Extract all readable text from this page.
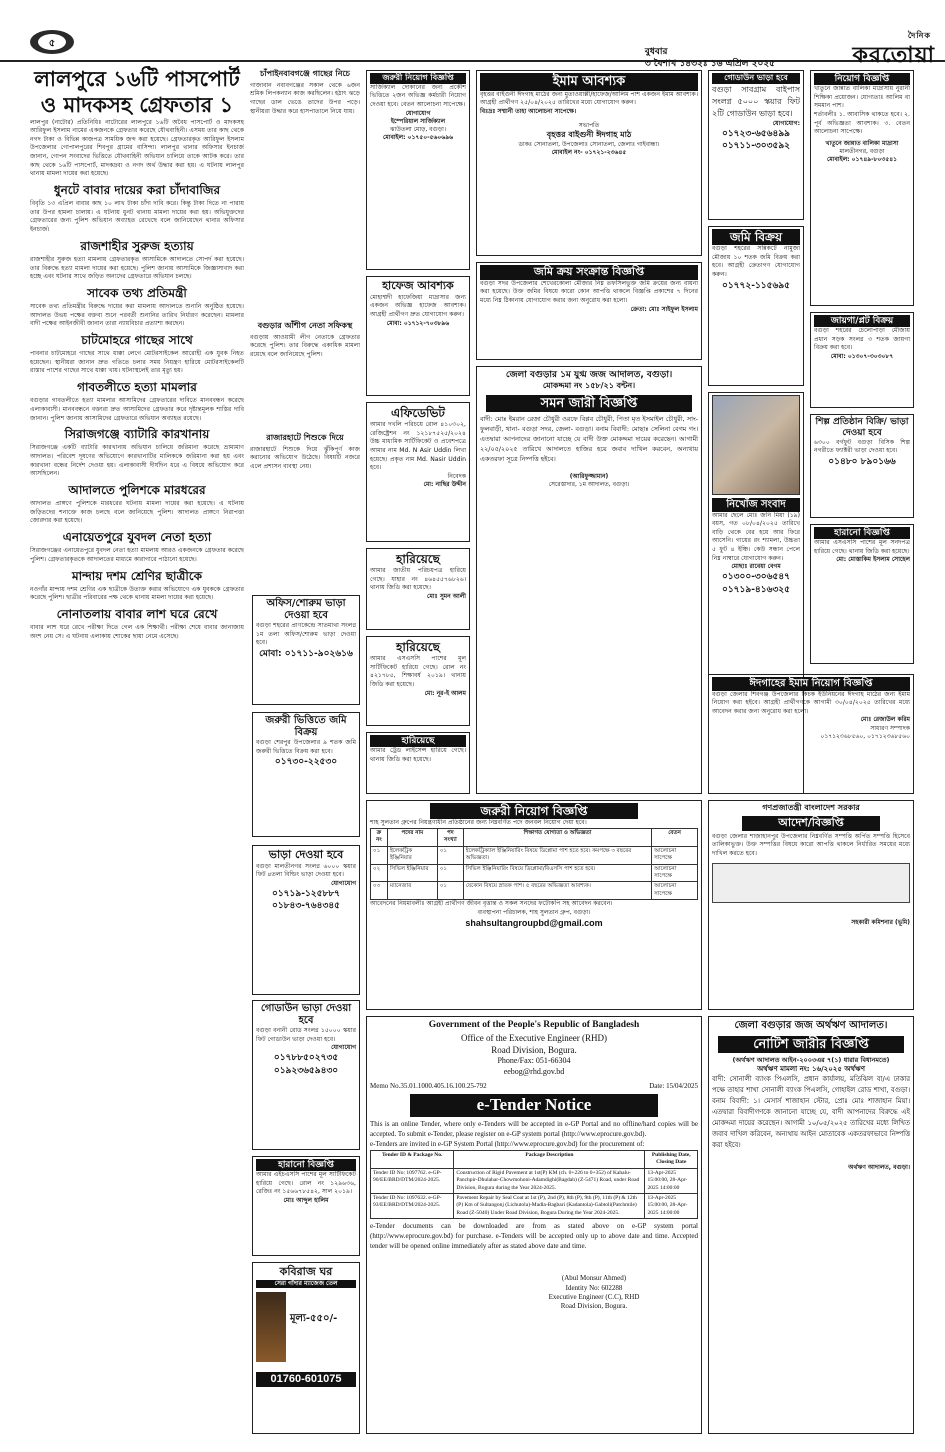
৫
বুধবার
৩ বৈশাখ ১৪৩২ঃ ১৬ এপ্রিল ২০২৫
দৈনিক
করতোয়া
লালপুরে ১৬টি পাসপোর্ট ও মাদকসহ গ্রেফতার ১

লালপুর (নাটোর) প্রতিনিধিঃ নাটোরের লালপুরে ১৬টি অবৈধ পাসপোর্ট ও মাদকসহ আরিফুল ইসলাম নামের একজনকে গ্রেফতার করেছে যৌথবাহিনী। এসময় তার কাছ থেকে নগদ টাকা ও বিভিন্ন কাজপত্র সাময়িক জব্দ করা হয়েছে। গ্রেফতারকৃত আরিফুল ইসলাম উপজেলার গোপালপুরের শিবপুর গ্রামের বাসিন্দা। লালপুর থানার অফিসার ইনচার্জ জানান, গোপন সংবাদের ভিত্তিতে যৌথবাহিনী অভিযান চালিয়ে তাকে আটক করে। তার কাছ থেকে ১৬টি পাসপোর্ট, মাদকদ্রব্য ও নগদ অর্থ উদ্ধার করা হয়। এ ঘটনায় লালপুর থানায় মামলা দায়ের করা হয়েছে।

ধুনটে বাবার দায়ের করা চাঁদাবাজির

বিবৃতি ১৩ এপ্রিল বাবার কাছ ১০ লাখ টাকা চাঁদা দাবি করে। কিন্তু টাকা দিতে না পারায় তার উপর হামলা চালায়। এ ঘটনায় ধুনট থানায় মামলা দায়ের করা হয়। অভিযুক্তদের গ্রেফতারের জন্য পুলিশ অভিযান অব্যাহত রেখেছে বলে জানিয়েছেন থানার অফিসার ইনচার্জ।

রাজশাহীর সুরুজ হত্যায়

রাজশাহীর সুরুজ হত্যা মামলায় গ্রেফতারকৃত আসামিকে আদালতে সোপর্দ করা হয়েছে। তার বিরুদ্ধে হত্যা মামলা দায়ের করা হয়েছে। পুলিশ জানায় আসামিকে জিজ্ঞাসাবাদ করা হচ্ছে এবং ঘটনার সাথে জড়িত অন্যদের গ্রেফতারে অভিযান চলছে।

সাবেক তথ্য প্রতিমন্ত্রী

সাবেক তথ্য প্রতিমন্ত্রীর বিরুদ্ধে দায়ের করা মামলায় আদালতে শুনানি অনুষ্ঠিত হয়েছে। আদালত উভয় পক্ষের বক্তব্য শুনে পরবর্তী শুনানির তারিখ নির্ধারণ করেছেন। মামলার বাদী পক্ষের আইনজীবী জানান তারা ন্যায়বিচার প্রত্যাশা করছেন।

চাটমোহরে গাছের সাথে

পাবনার চাটমোহরে গাছের সাথে ধাক্কা লেগে মোটরসাইকেল আরোহী এক যুবক নিহত হয়েছেন। স্থানীয়রা জানান দ্রুত গতিতে চলার সময় নিয়ন্ত্রণ হারিয়ে মোটরসাইকেলটি রাস্তার পাশের গাছের সাথে ধাক্কা খায়। ঘটনাস্থলেই তার মৃত্যু হয়।

গাবতলীতে হত্যা মামলার

বগুড়ার গাবতলীতে হত্যা মামলার আসামিদের গ্রেফতারের দাবিতে মানববন্ধন করেছে এলাকাবাসী। মানববন্ধনে বক্তারা দ্রুত আসামিদের গ্রেফতার করে দৃষ্টান্তমূলক শাস্তির দাবি জানান। পুলিশ জানায় আসামিদের গ্রেফতারে অভিযান অব্যাহত রয়েছে।

সিরাজগঞ্জে ব্যাটারি কারখানায়

সিরাজগঞ্জে একটি ব্যাটারি কারখানায় অভিযান চালিয়ে জরিমানা করেছে ভ্রাম্যমাণ আদালত। পরিবেশ দূষণের অভিযোগে কারখানাটির মালিককে জরিমানা করা হয় এবং কারখানা বন্ধের নির্দেশ দেওয়া হয়। এলাকাবাসী দীর্ঘদিন ধরে এ বিষয়ে অভিযোগ করে আসছিলেন।

আদালতে পুলিশকে মারধরের

আদালত প্রাঙ্গণে পুলিশকে মারধরের ঘটনায় মামলা দায়ের করা হয়েছে। এ ঘটনায় জড়িতদের শনাক্তে কাজ চলছে বলে জানিয়েছে পুলিশ। আদালত প্রাঙ্গণে নিরাপত্তা জোরদার করা হয়েছে।

এনায়েতপুরে যুবদল নেতা হত্যা

সিরাজগঞ্জের এনায়েতপুরে যুবদল নেতা হত্যা মামলায় আরও একজনকে গ্রেফতার করেছে পুলিশ। গ্রেফতারকৃতকে আদালতের মাধ্যমে কারাগারে পাঠানো হয়েছে।

মান্দায় দশম শ্রেণির ছাত্রীকে

নওগাঁর মান্দায় দশম শ্রেণির এক ছাত্রীকে উত্যক্ত করার অভিযোগে এক যুবককে গ্রেফতার করেছে পুলিশ। ছাত্রীর পরিবারের পক্ষ থেকে থানায় মামলা দায়ের করা হয়েছে।

নোনাতলায় বাবার লাশ ঘরে রেখে

বাবার লাশ ঘরে রেখে পরীক্ষা দিতে গেল এক শিক্ষার্থী। পরীক্ষা শেষে বাবার জানাজায় অংশ নেয় সে। এ ঘটনায় এলাকায় শোকের ছায়া নেমে এসেছে।

চাঁপাইনবাবগঞ্জে গাছের নিচে

গাজাবান নবাবগঞ্জের সকাল থেকে ৬জন শ্রমিক লিপকন্যান কাজ করছিলেন। হঠাৎ ঝড়ে গাছের ডাল ভেঙে তাদের উপর পড়ে। স্থানীয়রা উদ্ধার করে হাসপাতালে নিয়ে যায়।

বগুড়ার আঁশীগ নেতা সফিকস্থ

বগুড়ায় আওয়ামী লীগ নেতাকে গ্রেফতার করেছে পুলিশ। তার বিরুদ্ধে একাধিক মামলা রয়েছে বলে জানিয়েছে পুলিশ।

রাজারহাটে শিশুকে দিয়ে

রাজারহাটে শিশুকে দিয়ে ঝুঁকিপূর্ণ কাজ করানোর অভিযোগ উঠেছে। বিষয়টি নজরে এলে প্রশাসন ব্যবস্থা নেয়।

অফিস/শোরুম ভাড়া দেওয়া হবে

বগুড়া শহরের প্রাণকেন্দ্রে সাতমাথা সংলগ্ন ১ম তলা অফিস/শোরুম ভাড়া দেওয়া হবে।

মোবা: ০১৭১১-৯০২৬১৬
জরুরী ভিত্তিতে জমি বিক্রয়

বগুড়া শেরপুর উপজেলার ৯ শতক জমি জরুরী ভিত্তিতে বিক্রয় করা হবে।

০১৭৩০-২২৫৩০
ভাড়া দেওয়া হবে

বগুড়া মালতীনগর সংলগ্ন ৬০০০ স্কয়ার ফিট ৪তলা বিল্ডিং ভাড়া দেওয়া হবে।

যোগাযোগ
০১৭১৯-১২৫৮৮৭
০১৮৪৩-৭৬৪৩৪৫
গোডাউন ভাড়া দেওয়া হবে

বগুড়া বনানী রোড সংলগ্ন ১৫০০০ স্কয়ার ফিট গোডাউন ভাড়া দেওয়া হবে।

যোগাযোগ
০১৭৮৮৫০২৭৩৫
০১৯২৩৬৫৯৪৩০
হারানো বিজ্ঞপ্তি

আমার এইচএসসি পাশের মূল সার্টিফিকেট হারিয়ে গেছে। রোল নং ১২৯৬৩৬, রেজিঃ নং ১৫৬৬৭৮৫৪২, সাল ২০১৯।

মোঃ আব্দুল হালিম
কবিরাজ ঘর
সেরা গাঁদার ম্যাজেজ তেল
মূল্য-৫৫০/-
01760-601075
জরুরী নিয়োগ বিজ্ঞপ্তি

সার্জিক্যাল দোকানের জন্য প্রকৌশ ভিত্তিতে ২জন অভিজ্ঞ কর্মচারী নিয়োগ দেওয়া হবে। বেতন আলোচনা সাপেক্ষে।

যোগাযোগ
ইম্পেরিয়াল সার্জিক্যাল
ঝাউতলা মোড়, বগুড়া।
মোবাইল: ০১৭৫০-৫৬০৬৯৬
হাফেজ আবশ্যক

মোহাম্মদী হাফেজিয়া মাদ্রাসার জন্য একজন অভিজ্ঞ হাফেজ আবশ্যক। আগ্রহী প্রার্থীগণ দ্রুত যোগাযোগ করুন।

মোবা: ০১৭১২-৭০৩৮৯৬
এফিডেভিট

আমার দখলি পরিচয়ে রোল ৪১০৩০২, রেজিষ্ট্রেশন নং ১২১৮৭৫২৫/২০২৪ উচ্চ মাধ্যমিক সার্টিফিকেট ও প্রবেশপত্রে আমার নাম Md. N Asir Uddin লিখা হয়েছে। প্রকৃত নাম Md. Nasir Uddin হবে।

নিবেদক
মো: নাছির উদ্দীন
হারিয়েছে

আমার জাতীয় পরিচয়পত্র হারিয়ে গেছে। যাহার নং ৪৬৪৫৫৭৬৮২৬। থানায় জিডি করা হয়েছে।

মোঃ সুমন আলী
হারিয়েছে

আমার এসএসসি পাশের মূল সার্টিফিকেট হারিয়ে গেছে। রোল নং ৪২১৭৮৫, শিক্ষাবর্ষ ২০১৯। থানায় জিডি করা হয়েছে।

মো: নূর-ই আলম
হারিয়েছে

আমার ট্রেড লাইসেন্স হারিয়ে গেছে। থানায় জিডি করা হয়েছে।

ইমাম আবশ্যক

বৃহত্তর বাইগুনী ঈদগাহ মাঠের জন্য মুতাওয়াল্লী/হাফেজ/আলিম পাশ একজন ইমাম আবশ্যক। আগ্রহী প্রার্থীগণ ২৫/০৪/২০২৫ তারিখের মধ্যে যোগাযোগ করুন।

বিঃদ্রঃ সম্মানী তাহা আলোচনা সাপেক্ষে।
সভাপতি
বৃহত্তর বাইগুনী ঈদগাহ মাঠ
ডাকঃ সোনাতলা, উপজেলাঃ সোনাতলা, জেলাঃ গাইবান্ধা।
মোবাইল নং- ০১৭২১-২৩৬৪৫
জমি ক্রয় সংক্রান্ত বিজ্ঞপ্তি

বগুড়া সদর উপজেলার শেখেরকোলা মৌজার নিম্ন তফসিলভুক্ত জমি ক্রয়ের জন্য বায়না করা হয়েছে। উক্ত জমির বিষয়ে কারো কোন আপত্তি থাকলে বিজ্ঞপ্তি প্রকাশের ৭ দিনের মধ্যে নিম্ন ঠিকানায় যোগাযোগ করার জন্য অনুরোধ করা হলো।

ক্রেতা: মোঃ সাইফুল ইসলাম
জেলা বগুড়ার ১ম যুগ্ম জজ আদালত, বগুড়া।
মোকদ্দমা নং ১৫৮/২১ বন্টন।
সমন জারী বিজ্ঞপ্তি

বাদী: মোঃ ইমরান রেজা চৌধুরী ওরফে বিপ্লব চৌধুরী, পিতা মৃত ইসমাইল চৌধুরী, সাং- ফুলবাড়ী, থানা- বগুড়া সদর, জেলা- বগুড়া। বনাম বিবাদী: মোছাঃ সেলিনা বেগম গং। এতদ্বারা আপনাদের জানানো যাচ্ছে যে বাদী উক্ত মোকদ্দমা দায়ের করেছেন। আগামী ২২/০৫/২০২৫ তারিখে আদালতে হাজির হয়ে জবাব দাখিল করবেন, অন্যথায় একতরফা সূত্রে নিষ্পত্তি হইবে।

(আরিফুজ্জামান)
সেরেস্তাদার, ১ম আদালত, বগুড়া।
গোডাউন ভাড়া হবে

বগুড়া সাবগ্রাম বাইপাস সংলগ্ন ৫০০০ স্কয়ার ফিট ২টি গোডাউন ভাড়া হবে।

যোগাযোগ:
০১৭২৩-৬৫৬৪৯৯
০১৭১১-৩০৩৫৯২
জমি বিক্রয়

বগুড়া শহরের সন্নিকটে নামুজা মৌজায় ১০ শতক জমি বিক্রয় করা হবে। আগ্রহী ক্রেতাগণ যোগাযোগ করুন।

০১৭৭২-১১৫৬৯৫
নিখোঁজ সংবাদ

আমার ছেলে মোঃ জনি মিয়া (১৯) বয়স, গত ০৮/০৪/২০২৫ তারিখে বাড়ি থেকে বের হয়ে আর ফিরে আসেনি। গায়ের রং শ্যামলা, উচ্চতা ৫ ফুট ৪ ইঞ্চি। কেউ সন্ধান পেলে নিম্ন নাম্বারে যোগাযোগ করুন।

মোছাঃ রাবেয়া বেগম
০১৩০০-৩০৬৫৪৭
০১৭১৯-৪১৬৩২৫
নিয়োগ বিজ্ঞপ্তি

খাতুনে জান্নাত বালিকা মাদ্রাসায় নুরানী শিক্ষিকা প্রয়োজন। যোগ্যতাঃ আলিম বা সমমান পাশ।

শর্তাবলীঃ ১. আবাসিক থাকতে হবে। ২. পূর্ব অভিজ্ঞতা আবশ্যক। ৩. বেতন আলোচনা সাপেক্ষে।

খাতুনে জান্নাত বালিকা মাদ্রাসা
মালতীনগর, বগুড়া
মোবাইল: ০১৭৪৯-৮০৩৫৪১
জায়গা/প্লট বিক্রয়

বগুড়া শহরের চেলোপাড়া মৌজায় প্রধান সড়ক সংলগ্ন ৩ শতক জায়গা বিক্রয় করা হবে।

মোবা: ০১৩০৭-৩০৩০৮৭
শিল্প প্রতিষ্ঠান বিক্রি/ ভাড়া দেওয়া হবে

৬৩০০ বর্গফুট বগুড়া বিসিক শিল্প নগরীতে ফ্যাক্টরী ভাড়া দেওয়া হবে।

০১৪৮০ ৮৯০১৬৬
হারানো বিজ্ঞপ্তি

আমার এসএসসি পাশের মূল সনদপত্র হারিয়ে গেছে। থানায় জিডি করা হয়েছে।

মো: মোস্তাকিম ইসলাম সোহেল
ঈদগাহের ইমাম নিয়োগ বিজ্ঞপ্তি

বগুড়া জেলার শিবগঞ্জ উপজেলার কিচক ইউনিয়নের ঈদগাহ মাঠের জন্য ইমাম নিয়োগ করা হইবে। আগ্রহী প্রার্থীগণকে আগামী ৩০/০৪/২০২৫ তারিখের মধ্যে আবেদন করার জন্য অনুরোধ করা হলো।

মোঃ রেজাউল করিম
সাধারণ সম্পাদক
০১৭১২৩৬৮৫৬০, ০১৭১২৩৬৮৫৬০
জরুরী নিয়োগ বিজ্ঞপ্তি

শাহ সুলতান গ্রুপের নিয়ন্ত্রণাধীন প্রতিষ্ঠানের জন্য নিম্নবর্ণিত পদে জনবল নিয়োগ দেয়া হবে।

ক্র নং	পদের নাম	পদ সংখ্যা	শিক্ষাগত যোগ্যতা ও অভিজ্ঞতা	বেতন
০১	ইলেকট্রিক ইঞ্জিনিয়ার	০১	ইলেকট্রিক্যাল ইঞ্জিনিয়ারিং বিষয়ে ডিপ্লোমা পাশ হতে হবে। কমপক্ষে ৩ বছরের অভিজ্ঞতা।	আলোচনা সাপেক্ষে
০২	সিভিল ইঞ্জিনিয়ার	০১	সিভিল ইঞ্জিনিয়ারিং বিষয়ে ডিপ্লোমা/বিএসসি পাশ হতে হবে।	আলোচনা সাপেক্ষে
০৩	ম্যানেজার	০১	যেকোন বিষয়ে স্নাতক পাশ। ৫ বছরের অভিজ্ঞতা আবশ্যক।	আলোচনা সাপেক্ষে

আবেদনের নিয়মাবলীঃ আগ্রহী প্রার্থীগণ জীবন বৃত্তান্ত ও সকল সনদের ফটোকপি সহ আবেদন করবেন।

ব্যবস্থাপনা পরিচালক, শাহ সুলতান গ্রুপ, বগুড়া।
shahsultangroupbd@gmail.com
গণপ্রজাতন্ত্রী বাংলাদেশ সরকার
আদেশ/বিজ্ঞপ্তি

বগুড়া জেলার শাজাহানপুর উপজেলার নিম্নবর্ণিত সম্পত্তি অর্পিত সম্পত্তি হিসেবে তালিকাভুক্ত। উক্ত সম্পত্তির বিষয়ে কারো আপত্তি থাকলে নির্ধারিত সময়ের মধ্যে দাখিল করতে হবে।

সহকারী কমিশনার (ভূমি)
Government of the People's Republic of Bangladesh
Office of the Executive Engineer (RHD)
Road Division, Bogura.
Phone/Fax: 051-66304
eebog@rhd.gov.bd
Memo No.35.01.1000.405.16.100.25-792	Date: 15/04/2025
e-Tender Notice

This is an online Tender, where only e-Tenders will be accepted in e-GP Portal and no offline/hard copies will be accepted. To submit e-Tender, please register on e-GP system portal (http://www.eprocure.gov.bd).

e-Tenders are invited in e-GP System Portal (http://www.eprocure.gov.bd) for the procurement of:

Tender ID & Package No.	Package Description	Publishing Date, Closing Date
Tender ID No: 1097762. e-GP-90/EE/BRD/DTM/2024-2025.	Construction of Rigid Pavement at 1st(P) KM (ch. 0+226 to 0+352) of Kahalu-Panchpir-Dhulahar-Chowmohoni-Adamdighi(Bagdah) (Z-5471) Road, under Road Division, Bogura during the Year 2024-2025.	13-Apr-2025 15:00:00, 28-Apr-2025 14:00:00
Tender ID No: 1097632. e-GP-93/EE/BRD/DTM/2024-2025.	Pavement Repair by Seal Coat at 1st (P), 2nd (P), 8th (P), 9th (P), 11th (P) & 12th (P) Km of Sultangonj (Lichutola)-Madla-Bagbari (Kadantola)-Gabtoli(Patchmile) Road (Z-5040) Under Road Division, Bogura During the Year 2024-2025.	13-Apr-2025 15:00:00, 28-Apr-2025 14:00:00

e-Tender documents can be downloaded are from as stated above on e-GP system portal (http://www.eprocure.gov.bd) for purchase. e-Tenders will be accepted only up to above date and time. Accepted tender will be opened online immediately after as stated above date and time.

(Abul Monsur Ahmed)
Identity No: 602288
Executive Engineer (C.C), RHD
Road Division, Bogura.
জেলা বগুড়ার জজ অর্থঋণ আদালত।
নোটিশ জারীর বিজ্ঞপ্তি
(অর্থঋণ আদালত আইন-২০০৩এর ৭(১) ধারার বিধানমতে)
অর্থঋণ মামলা নং: ১৬/২০২৫ অর্থঋণ

বাদী: সোনালী ব্যাংক পিএলসি, প্রধান কার্যালয়, মতিঝিল বা/এ ঢাকার পক্ষে তাহার শাখা সোনালী ব্যাংক পিএলসি, গোহাইল রোড শাখা, বগুড়া। বনাম বিবাদী: ১। মেসার্স শাজাহান স্টোর, প্রোঃ মোঃ শাজাহান মিয়া। এতদ্বারা বিবাদীগণকে জানানো যাচ্ছে যে, বাদী আপনাদের বিরুদ্ধে এই মোকদ্দমা দায়ের করেছেন। আগামী ১০/০৫/২০২৫ তারিখের মধ্যে লিখিত জবাব দাখিল করিবেন, অন্যথায় আইন মোতাবেক একতরফাভাবে নিষ্পত্তি করা হইবে।

অর্থঋণ আদালত, বগুড়া।
